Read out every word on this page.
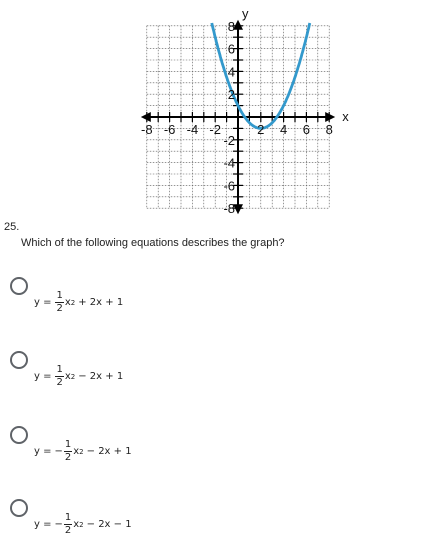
-8 -6 -4 -2	2 4 6 8
8
6
4
2
-2
-4
-6
-8
x
y
25.
Which of the following equations describes the graph?
$y = \frac{1}{2}$ x 2 + 2x + 1
$y = \frac{1}{2}$ x 2 − 2x + 1
y = − $\frac{1}{2}$ x 2 − 2x + 1
y = − $\frac{1}{2}$ x 2 − 2x − 1
